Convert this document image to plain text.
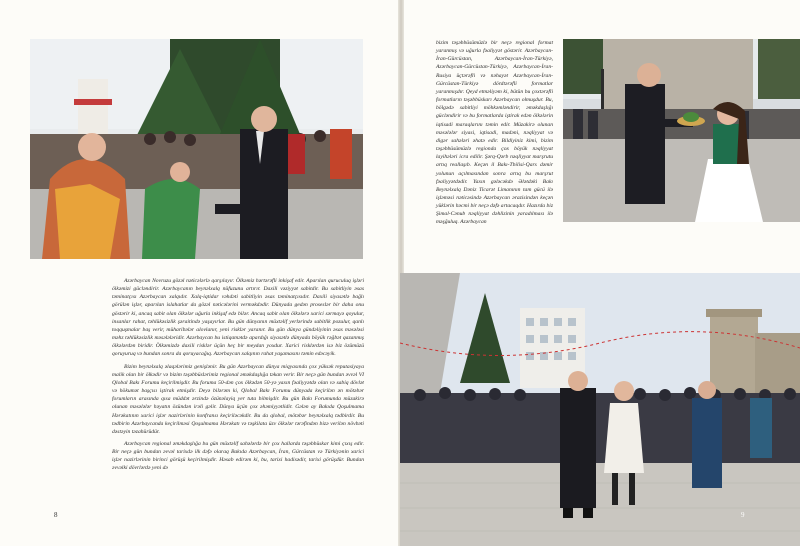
Azərbaycan Novruzu gözəl nəticələrlə qarşılayır. Ölkəmiz hərtərəfli inkişaf edir. Aparılan quruculuq işləri ölkəmizi gücləndirir. Azərbaycanın beynəlxalq nüfuzunu artırır. Daxili vəziyyət sabitdir. Bu sabitliyin əsas təminatçısı Azərbaycan xalqıdır. Xalq-iqtidar vəhdəti sabitliyin əsas təminatçısıdır. Daxili siyasətlə bağlı görülən işlər, aparılan islahatlar da gözəl nəticələrini verməkdədir. Dünyada gedən proseslər bir daha onu göstərir ki, ancaq sabit olan ölkələr uğurla inkişaf edə bilər. Ancaq sabit olan ölkələrə xarici sərmayə qoyulur, insanlar rahat, təhlükəsizlik şəraitində yaşayırlar. Bu gün dünyanın müxtəlif yerlərində sabitlik pozulur, qanlı toqquşmalar baş verir, müharibələr alovlanır, yeni risklər yaranır. Bu gün dünya gündəliyinin əsas məsələsi məhz təhlükəsizlik məsələləridir. Azərbaycan bu istiqamətdə apardığı siyasətlə dünyada böyük rəğbət qazanmış ölkələrdən biridir. Ölkəmizdə daxili risklər üçün heç bir meydan yoxdur. Xarici risklərdən isə biz özümüzü qoruyuruq və bundan sonra da qoruyacağıq. Azərbaycan xalqının rahat yaşamasını təmin edəcəyik.

Bizim beynəlxalq əlaqələrimiz genişlənir. Bu gün Azərbaycan dünya miqyasında çox yüksək reputasiyaya malik olan bir ölkədir və bizim təşəbbüslərimiz regional əməkdaşlığa təkan verir. Bir neçə gün bundan əvvəl VI Qlobal Bakı Forumu keçirilmişdir. Bu foruma 50-dən çox ölkədən 50-yə yaxın fəaliyyətdə olan və sabiq dövlət və hökumət başçısı iştirak etmişdir. Deyə bilərəm ki, Qlobal Bakı Forumu dünyada keçirilən ən mötəbər forumların arasında qısa müddət ərzində özünəlayiq yer tuta bilmişdir. Bu gün Bakı Forumunda müzakirə olunan məsələlər həyatın özündən irəli gəlir. Dünya üçün çox əhəmiyyətlidir. Gələn ay Bakıda Qoşulmama Hərəkatının xarici işlər nazirlərinin konfransı keçiriləcəkdir. Bu da qlobal, mötəbər beynəlxalq tədbirdir. Bu tədbirin Azərbaycanda keçirilməsi Qoşulmama Hərəkatı və təşkilata üzv ölkələr tərəfindən bizə verilən növbəti dəstəyin təzahürüdür.

Azərbaycan regional əməkdaşlığa bu gün müxtəlif sahələrdə bir çox hallarda təşəbbüskar kimi çıxış edir. Bir neçə gün bundan əvvəl tarixdə ilk dəfə olaraq Bakıda Azərbaycan, İran, Gürcüstan və Türkiyənin xarici işlər nazirlərinin birinci görüşü keçirilmişdir. Həsab edirəm ki, bu, tarixi hadisədir, tarixi görüşdür. Bundan əvvəlki dövrlərdə yeni də

bizim təşəbbüsümüzlə bir neçə regional format yaranmış və uğurla fəaliyyət göstərir. Azərbaycan-İran-Gürcüstan, Azərbaycan-İran-Türkiyə, Azərbaycan-Gürcüstan-Türkiyə, Azərbaycan-İran-Rusiya üçtərəfli və nəhayət Azərbaycan-İran-Gürcüstan-Türkiyə dördtərəfli formatlar yaranmışdır. Qeyd etməliyəm ki, bütün bu çoxtərəfli formatların təşəbbüskarı Azərbaycan olmuşdur. Bu, bölgədə sabitliyi möhkəmləndirir, əməkdaşlığı gücləndirir və bu formatlarda iştirak edən ölkələrin iqtisadi maraqlarını təmin edir. Müzakirə olunan məsələlər siyasi, iqtisadi, madəni, nəqliyyat və digər sahələri əhatə edir. Bildiyiniz kimi, bizim təşəbbüsümüzlə regionda çox böyük nəqliyyat layihələri icra edilir. Şərq-Qərb nəqliyyat marşrutu artıq reallaşıb. Keçən il Bakı-Tbilisi-Qars dəmir yolunun açılmasından sonra artıq bu marşrut fəaliyyətdədir. Yaxın gələcəkdə Ələtdəki Bakı Beynəlxalq Dəniz Ticarət Limanının tam gücü ilə işləməsi nəticəsində Azərbaycan ərazisindən keçən yüklərin həcmi bir neçə dəfə artacaqdır. Hazırda biz Şimal-Cənub nəqliyyat dəhlizinin yaradılması ilə məşğuluq. Azərbaycan

8	9
